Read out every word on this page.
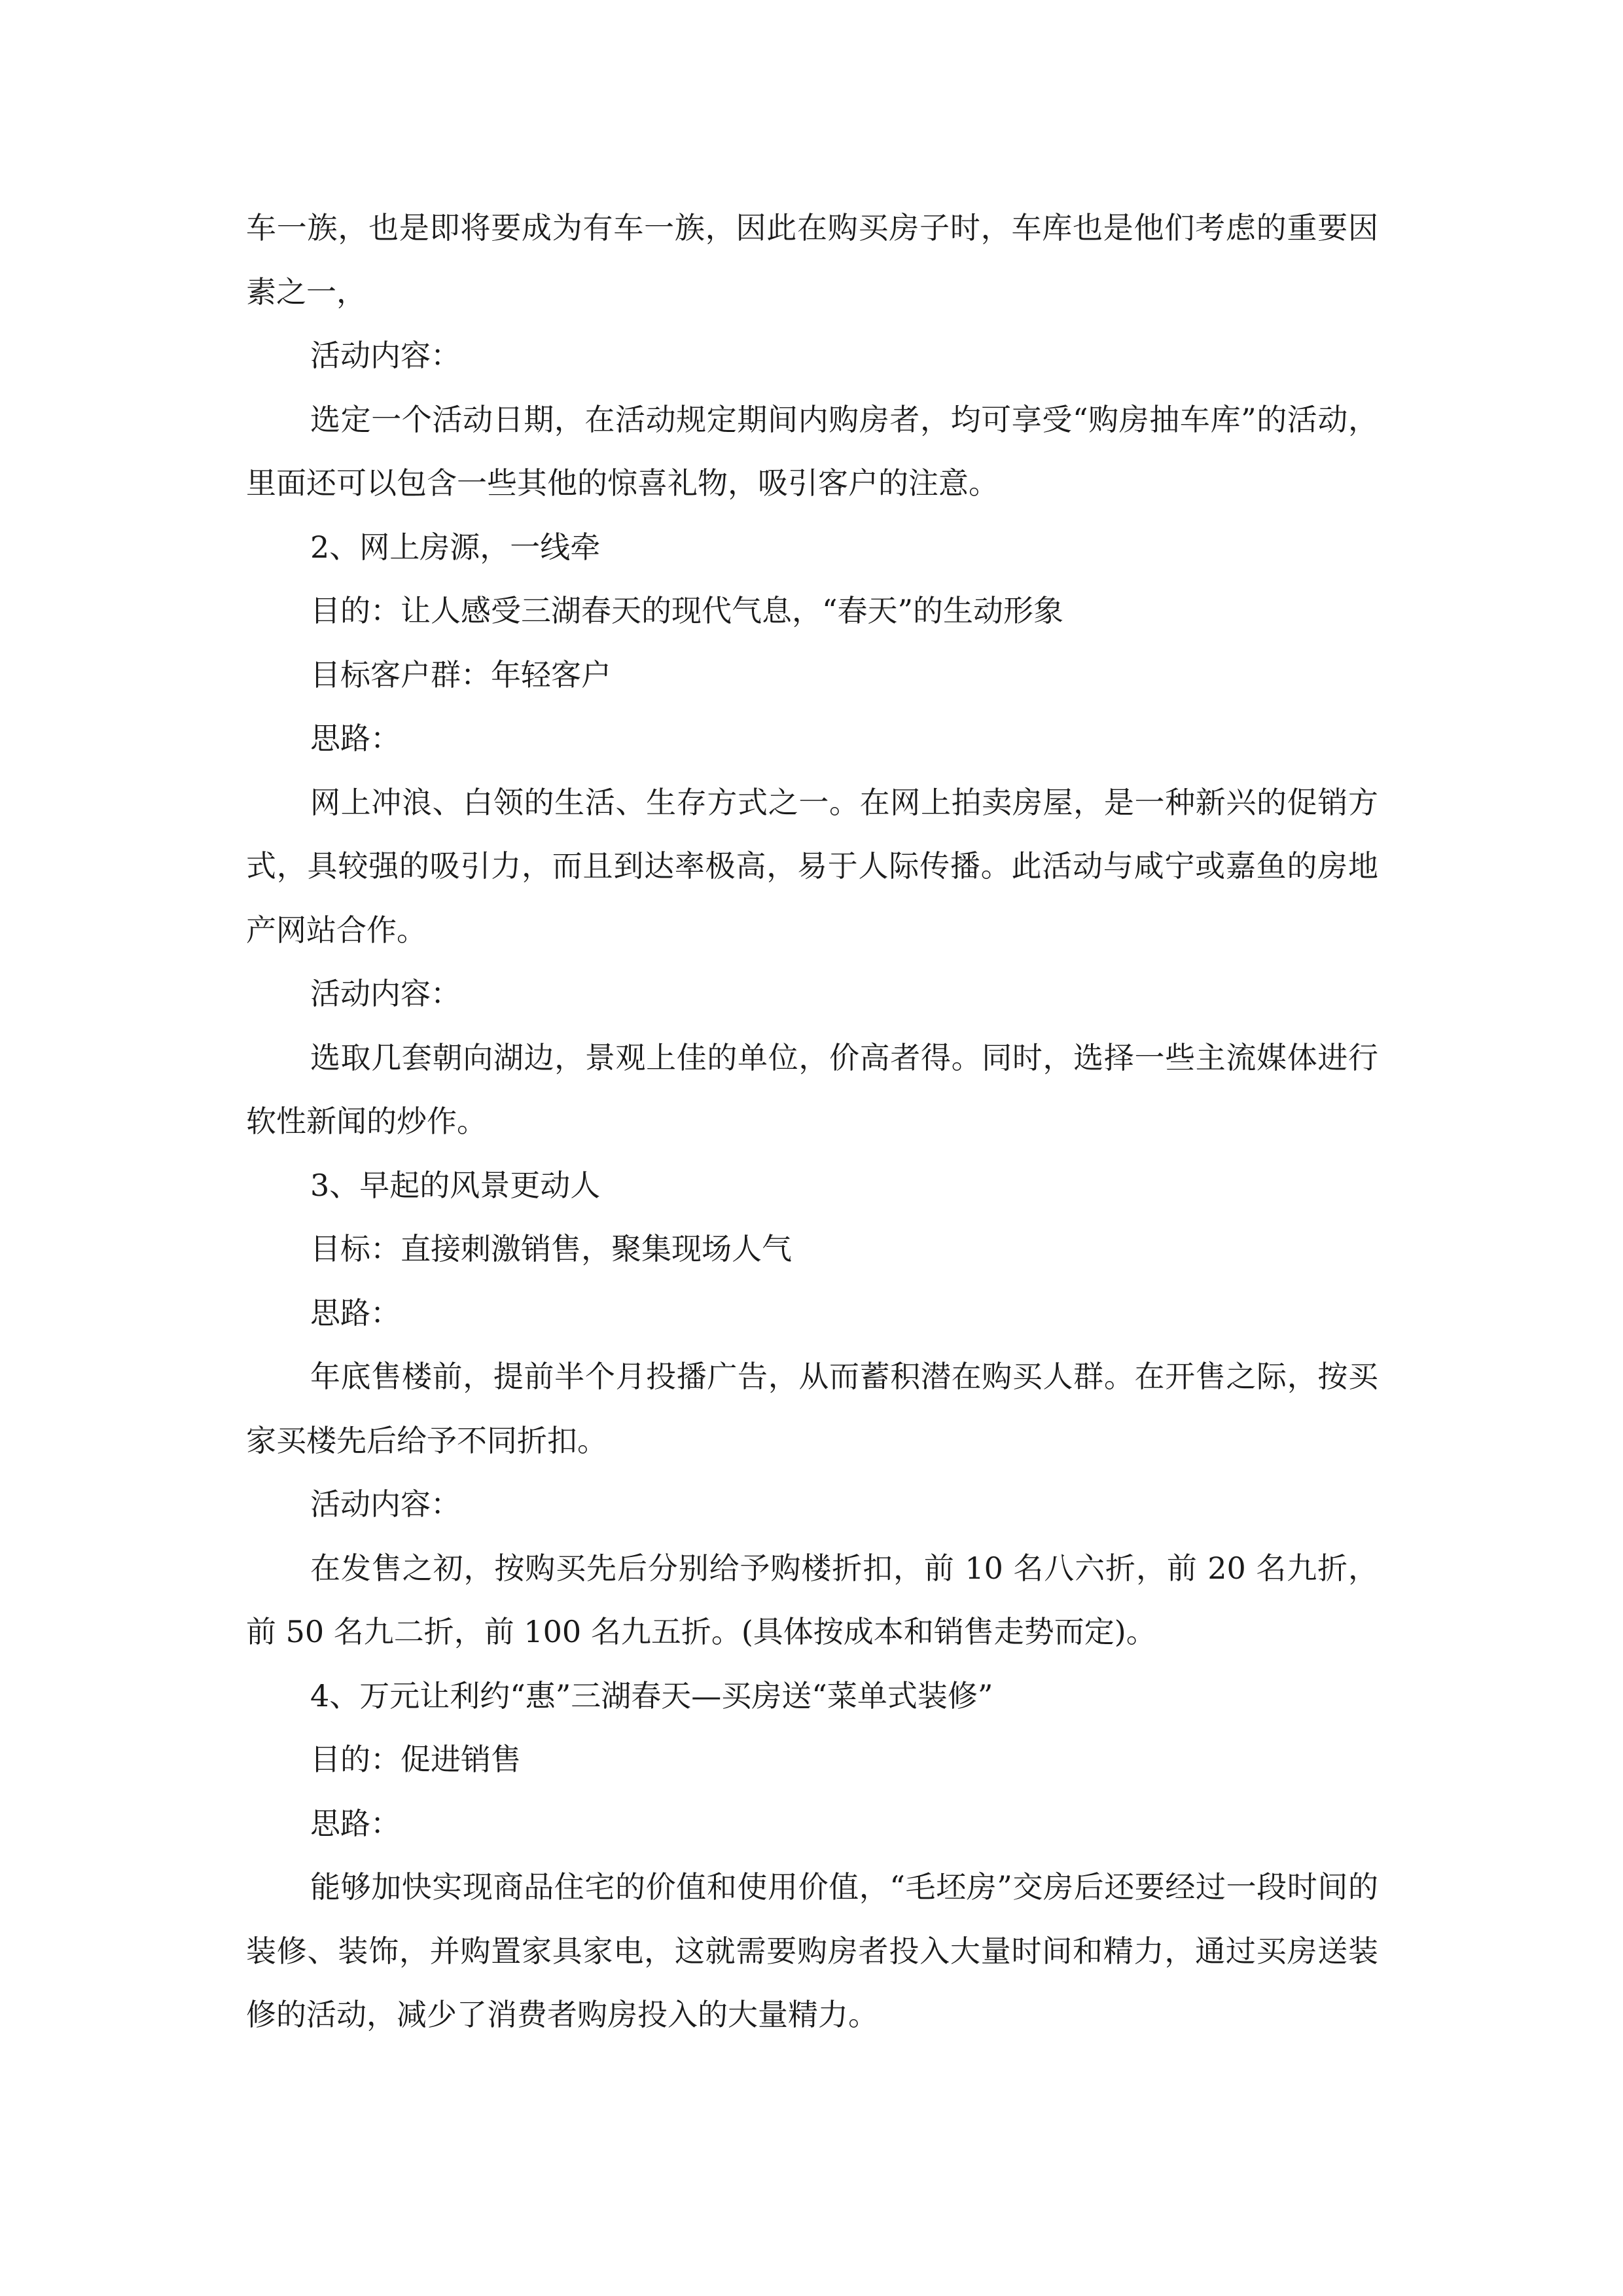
车一族，也是即将要成为有车一族，因此在购买房子时，车库也是他们考虑的重要因素之一，

活动内容：

选定一个活动日期，在活动规定期间内购房者，均可享受“购房抽车库”的活动，里面还可以包含一些其他的惊喜礼物，吸引客户的注意。

2、网上房源，一线牵

目的：让人感受三湖春天的现代气息，“春天”的生动形象

目标客户群：年轻客户

思路：

网上冲浪、白领的生活、生存方式之一。在网上拍卖房屋，是一种新兴的促销方式，具较强的吸引力，而且到达率极高，易于人际传播。此活动与咸宁或嘉鱼的房地产网站合作。

活动内容：

选取几套朝向湖边，景观上佳的单位，价高者得。同时，选择一些主流媒体进行软性新闻的炒作。

3、早起的风景更动人

目标：直接刺激销售，聚集现场人气

思路：

年底售楼前，提前半个月投播广告，从而蓄积潜在购买人群。在开售之际，按买家买楼先后给予不同折扣。

活动内容：

在发售之初，按购买先后分别给予购楼折扣，前 10 名八六折，前 20 名九折，前 50 名九二折，前 100 名九五折。(具体按成本和销售走势而定)。

4、万元让利约“惠”三湖春天—买房送“菜单式装修”

目的：促进销售

思路：

能够加快实现商品住宅的价值和使用价值，“毛坯房”交房后还要经过一段时间的装修、装饰，并购置家具家电，这就需要购房者投入大量时间和精力，通过买房送装修的活动，减少了消费者购房投入的大量精力。
